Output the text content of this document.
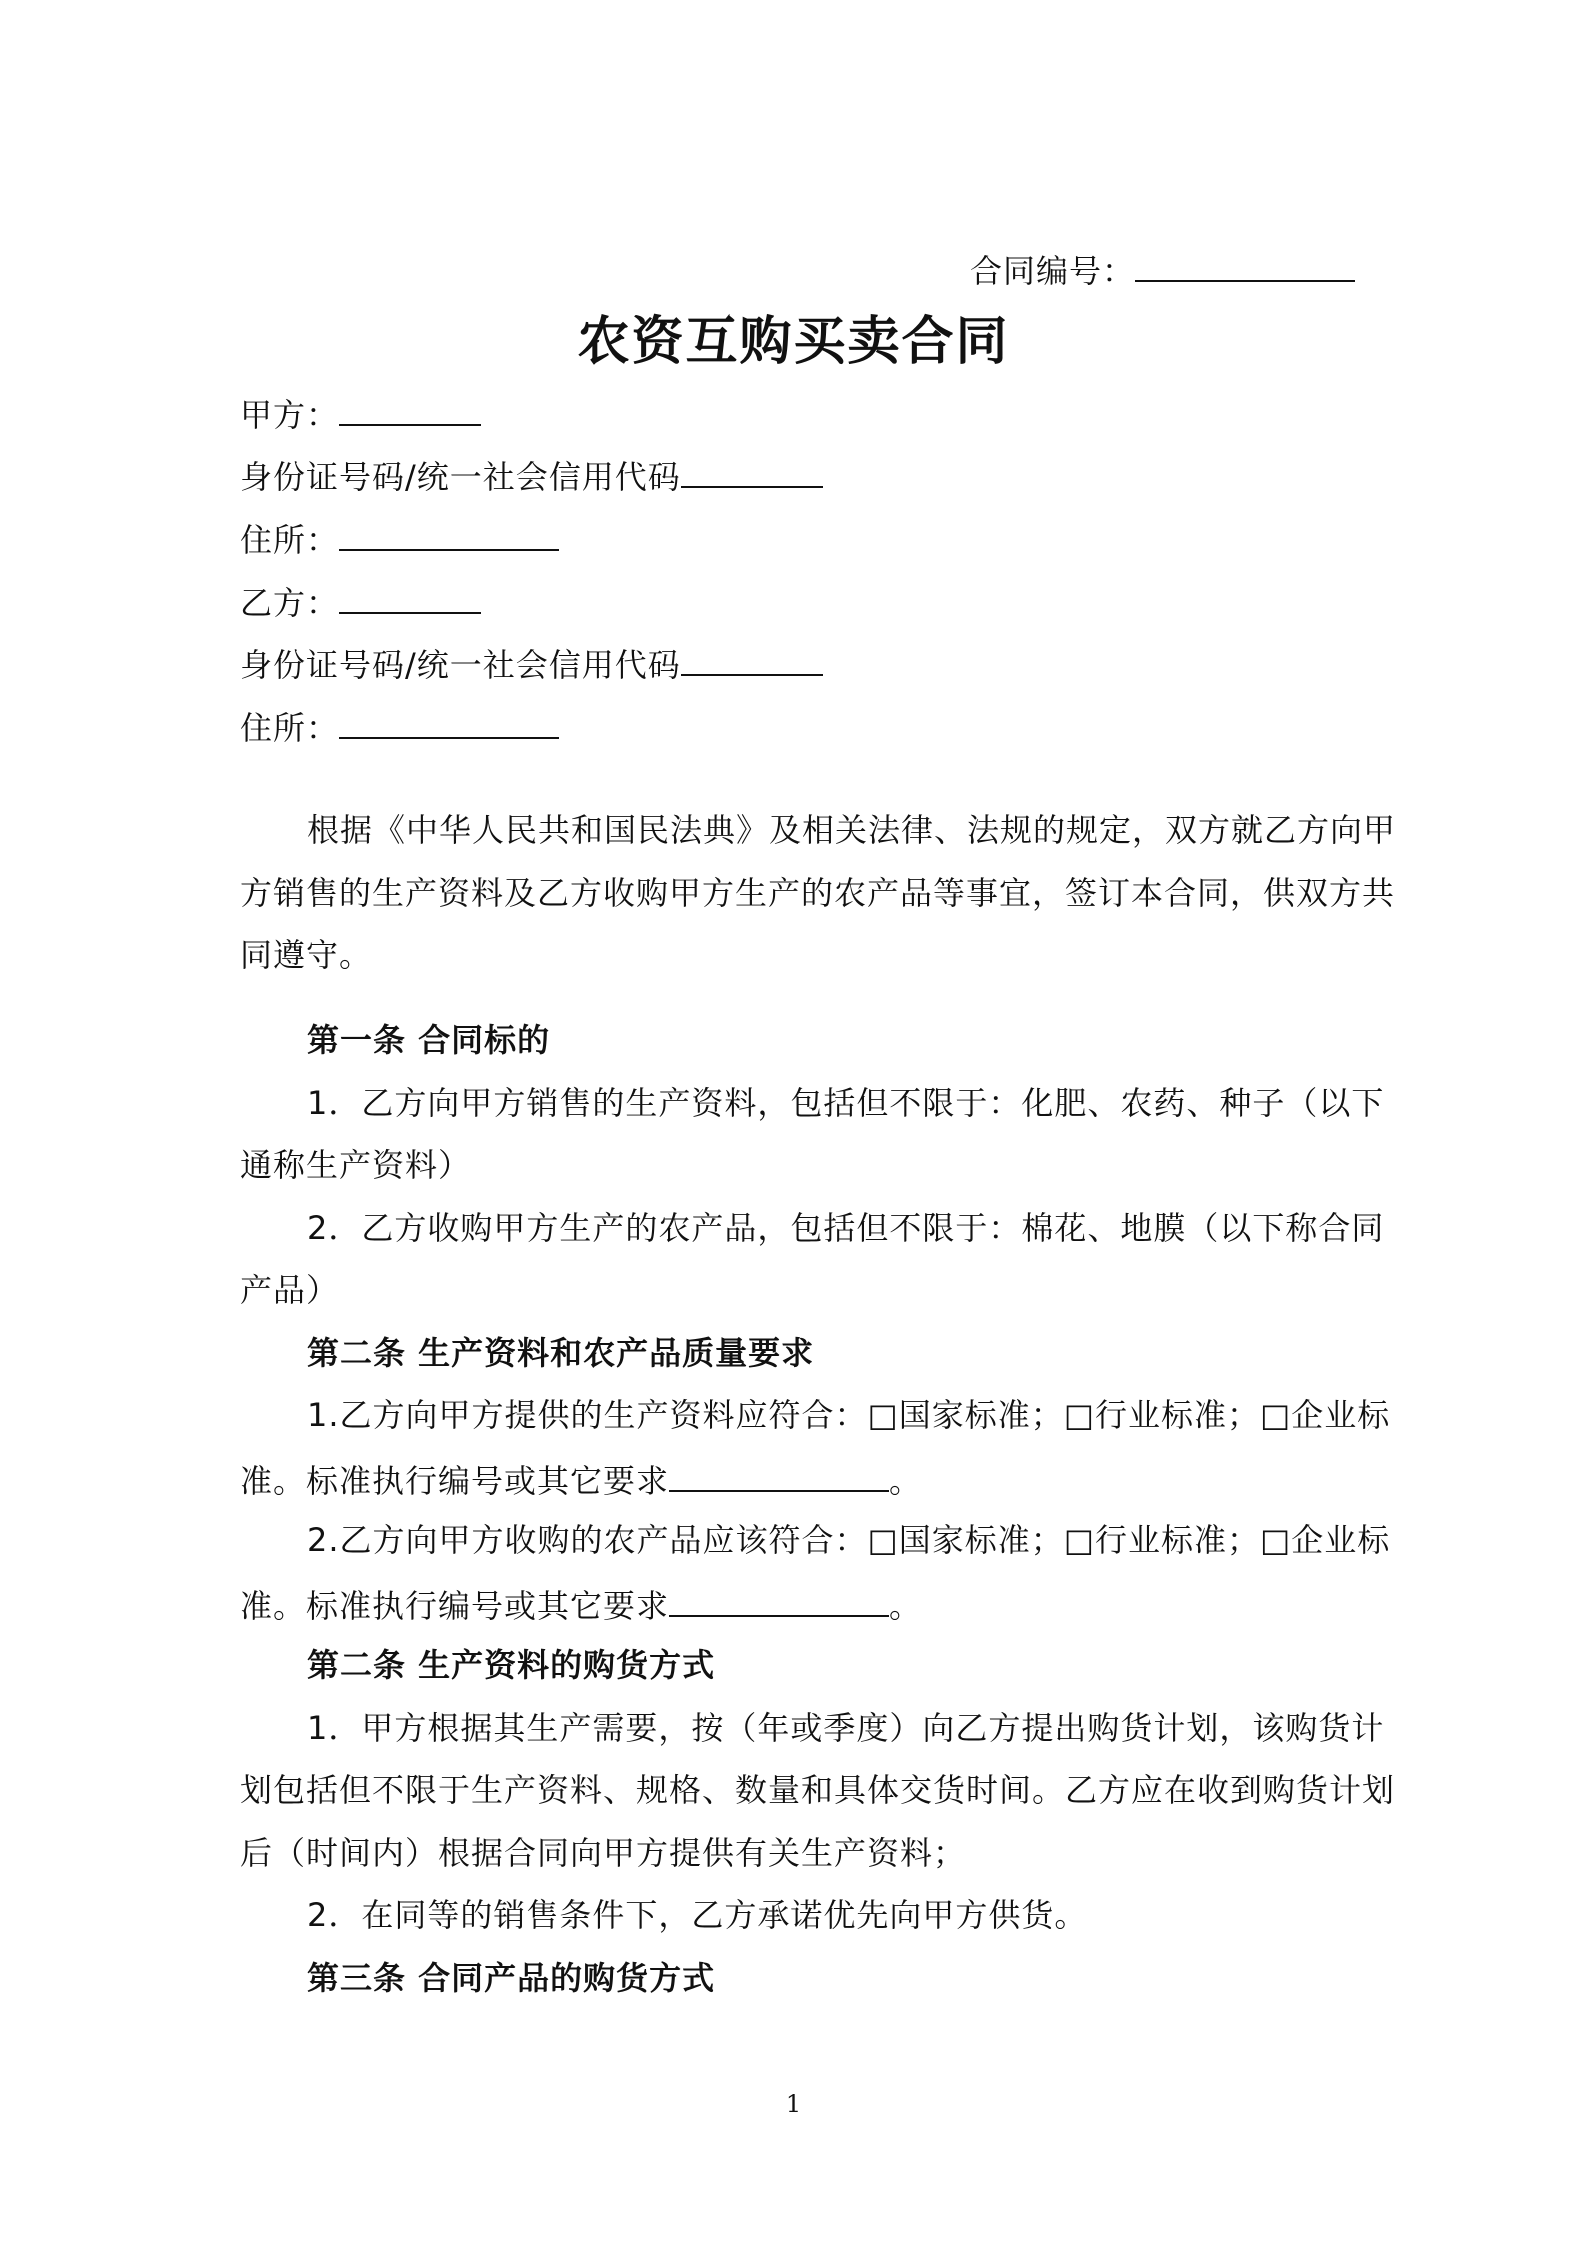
合同编号：
农资互购买卖合同
甲方：
身份证号码/统一社会信用代码
住所：
乙方：
身份证号码/统一社会信用代码
住所：
根据《中华人民共和国民法典》及相关法律、法规的规定，双方就乙方向甲
方销售的生产资料及乙方收购甲方生产的农产品等事宜，签订本合同，供双方共
同遵守。
第一条 合同标的
1．乙方向甲方销售的生产资料，包括但不限于：化肥、农药、种子（以下
通称生产资料）
2．乙方收购甲方生产的农产品，包括但不限于：棉花、地膜（以下称合同
产品）
第二条 生产资料和农产品质量要求
1.乙方向甲方提供的生产资料应符合：□国家标准；□行业标准；□企业标
准。标准执行编号或其它要求	。
2.乙方向甲方收购的农产品应该符合：□国家标准；□行业标准；□企业标
准。标准执行编号或其它要求	。
第二条 生产资料的购货方式
1．甲方根据其生产需要，按（年或季度）向乙方提出购货计划，该购货计
划包括但不限于生产资料、规格、数量和具体交货时间。乙方应在收到购货计划
后（时间内）根据合同向甲方提供有关生产资料；
2．在同等的销售条件下，乙方承诺优先向甲方供货。
第三条 合同产品的购货方式
1
